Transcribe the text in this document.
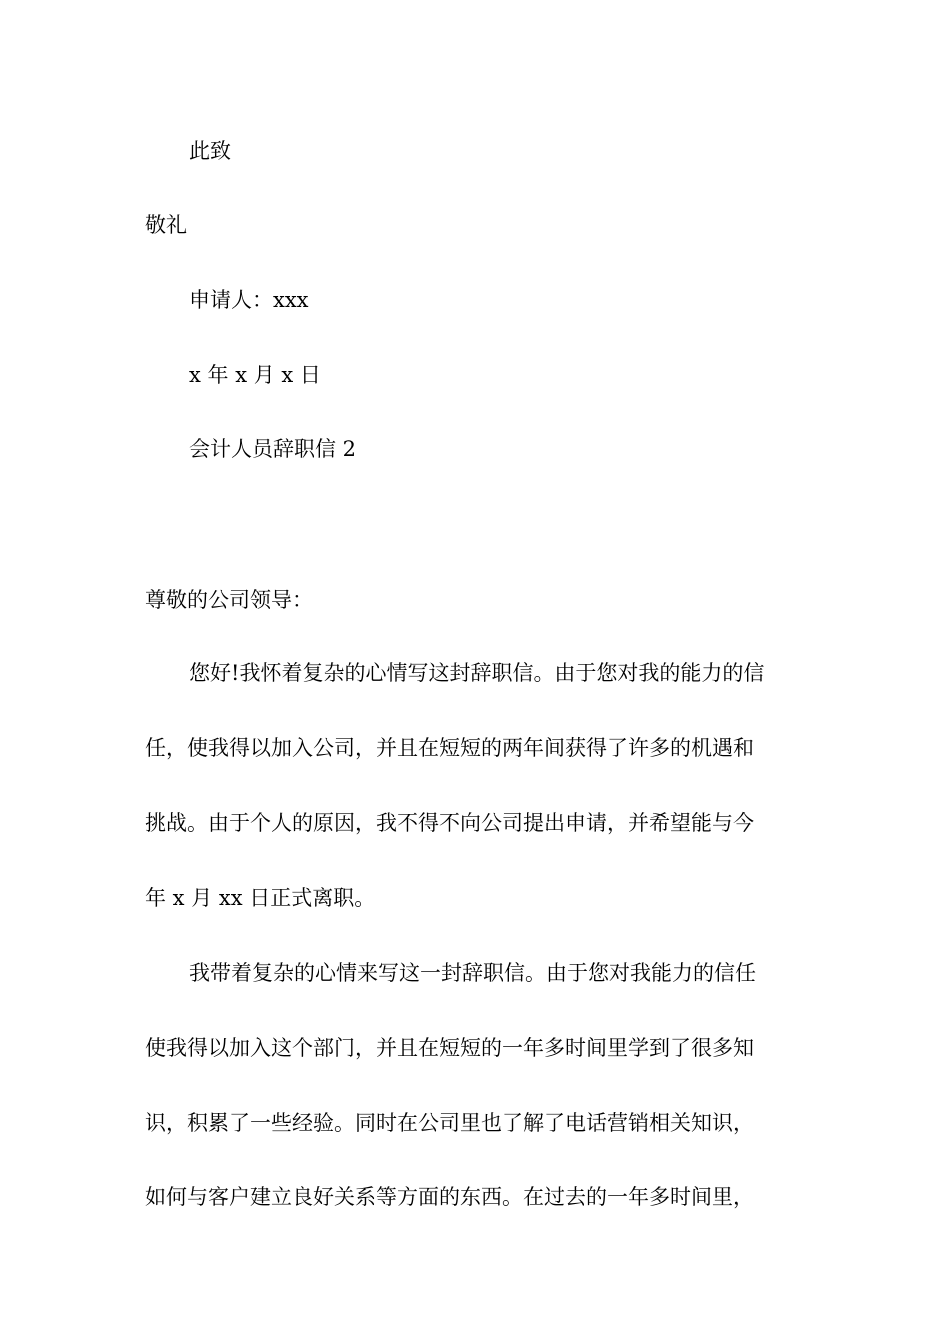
此致
敬礼
申请人：xxx
x 年 x 月 x 日
会计人员辞职信 2
尊敬的公司领导：
您好!我怀着复杂的心情写这封辞职信。由于您对我的能力的信
任，使我得以加入公司，并且在短短的两年间获得了许多的机遇和
挑战。由于个人的原因，我不得不向公司提出申请，并希望能与今
年 x 月 xx 日正式离职。
我带着复杂的心情来写这一封辞职信。由于您对我能力的信任
使我得以加入这个部门，并且在短短的一年多时间里学到了很多知
识，积累了一些经验。同时在公司里也了解了电话营销相关知识，
如何与客户建立良好关系等方面的东西。在过去的一年多时间里，
